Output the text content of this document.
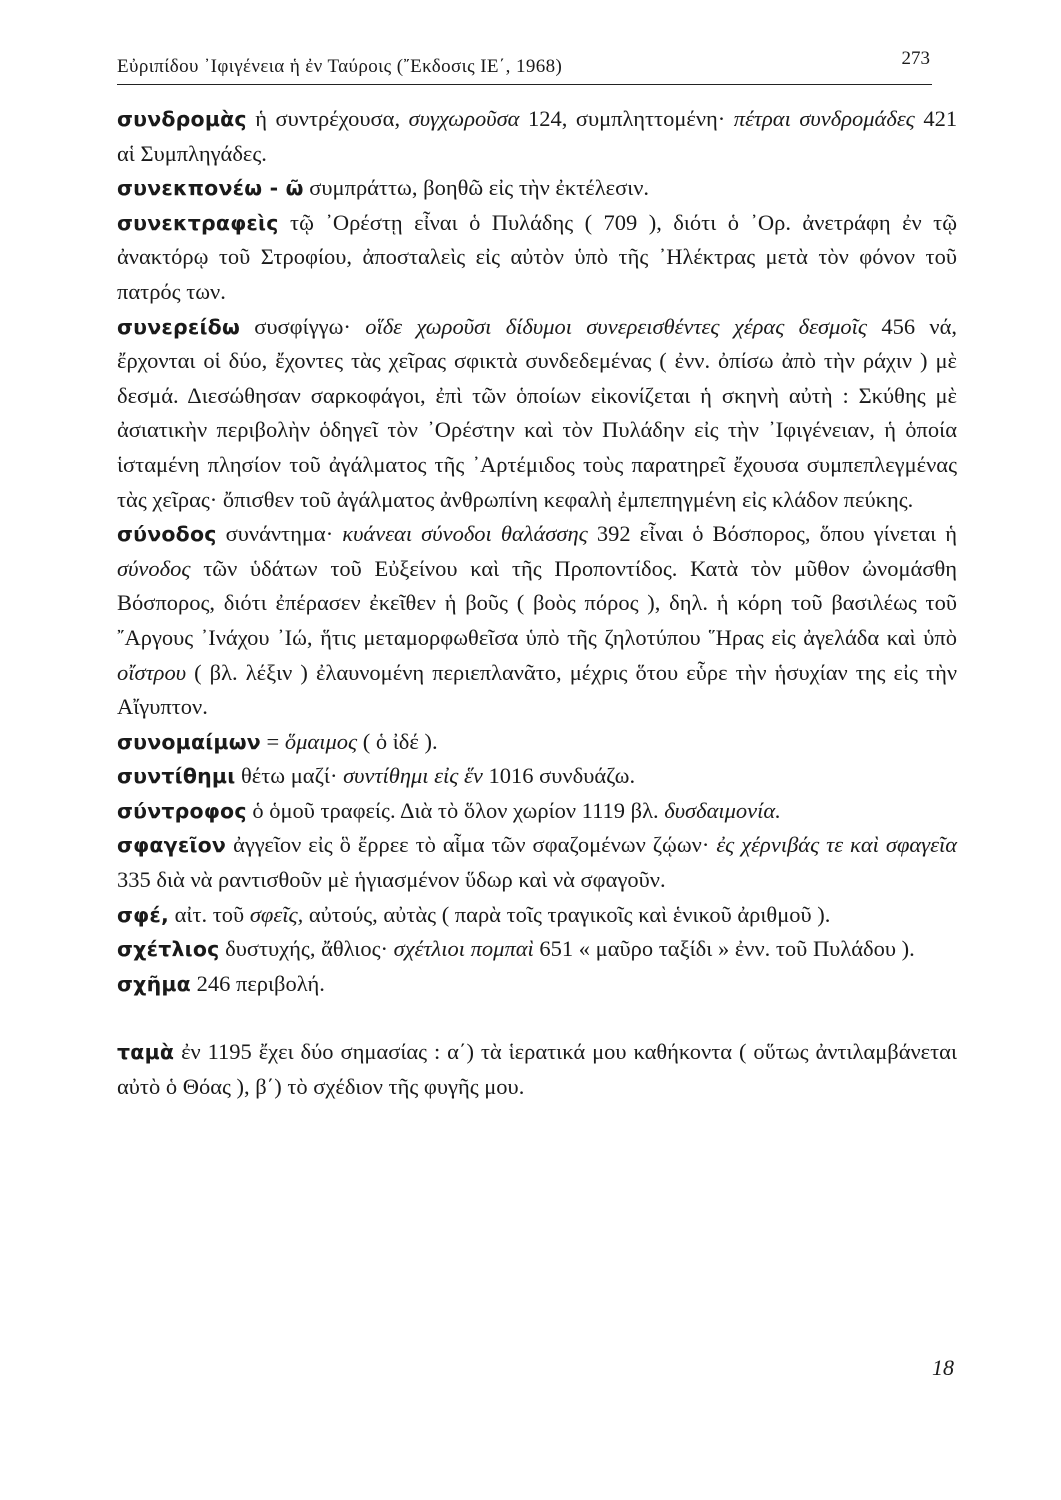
Εὐριπίδου ᾿Ιφιγένεια ἡ ἐν Ταύροις (῎Εκδοσις ΙΕ΄, 1968)	273

συνδρομὰς ἡ συντρέχουσα, συγχωροῦσα 124, συμπληττομένη· πέτραι συνδρομάδες 421 αἱ Συμπληγάδες.

συνεκπονέω - ῶ συμπράττω, βοηθῶ εἰς τὴν ἐκτέλεσιν.

συνεκτραφεὶς τῷ ᾿Ορέστῃ εἶναι ὁ Πυλάδης ( 709 ), διότι ὁ ᾿Ορ. ἀνετράφη ἐν τῷ ἀνακτόρῳ τοῦ Στροφίου, ἀποσταλεὶς εἰς αὐτὸν ὑπὸ τῆς ᾿Ηλέκτρας μετὰ τὸν φόνον τοῦ πατρός των.

συνερείδω συσφίγγω· οἵδε χωροῦσι δίδυμοι συνερεισθέντες χέρας δεσμοῖς 456 νά, ἔρχονται οἱ δύο, ἔχοντες τὰς χεῖρας σφικτὰ συνδεδεμένας ( ἐνν. ὀπίσω ἀπὸ τὴν ράχιν ) μὲ δεσμά. Διεσώθησαν σαρκοφάγοι, ἐπὶ τῶν ὁποίων εἰκονίζεται ἡ σκηνὴ αὐτὴ : Σκύθης μὲ ἀσιατικὴν περιβολὴν ὁδηγεῖ τὸν ᾿Ορέστην καὶ τὸν Πυλάδην εἰς τὴν ᾿Ιφιγένειαν, ἡ ὁποία ἱσταμένη πλησίον τοῦ ἀγάλματος τῆς ᾿Αρτέμιδος τοὺς παρατηρεῖ ἔχουσα συμπεπλεγμένας τὰς χεῖρας· ὄπισθεν τοῦ ἀγάλματος ἀνθρωπίνη κεφαλὴ ἐμπεπηγμένη εἰς κλάδον πεύκης.

σύνοδος συνάντημα· κυάνεαι σύνοδοι θαλάσσης 392 εἶναι ὁ Βόσπορος, ὅπου γίνεται ἡ σύνοδος τῶν ὑδάτων τοῦ Εὐξείνου καὶ τῆς Προποντίδος. Κατὰ τὸν μῦθον ὠνομάσθη Βόσπορος, διότι ἐπέρασεν ἐκεῖθεν ἡ βοῦς ( βοὸς πόρος ), δηλ. ἡ κόρη τοῦ βασιλέως τοῦ ῎Αργους ᾿Ινάχου ᾿Ιώ, ἥτις μεταμορφωθεῖσα ὑπὸ τῆς ζηλοτύπου ῞Ηρας εἰς ἀγελάδα καὶ ὑπὸ οἴστρου ( βλ. λέξιν ) ἐλαυνομένη περιεπλανᾶτο, μέχρις ὅτου εὗρε τὴν ἡσυχίαν της εἰς τὴν Αἴγυπτον.

συνομαίμων = ὅμαιμος ( ὁ ἰδέ ).

συντίθημι θέτω μαζί· συντίθημι εἰς ἕν 1016 συνδυάζω.

σύντροφος ὁ ὁμοῦ τραφείς. Διὰ τὸ ὅλον χωρίον 1119 βλ. δυσδαιμονία.

σφαγεῖον ἀγγεῖον εἰς ὃ ἔρρεε τὸ αἷμα τῶν σφαζομένων ζῴων· ἐς χέρνιβάς τε καὶ σφαγεῖα 335 διὰ νὰ ραντισθοῦν μὲ ἡγιασμένον ὕδωρ καὶ νὰ σφαγοῦν.

σφέ, αἰτ. τοῦ σφεῖς, αὐτούς, αὐτὰς ( παρὰ τοῖς τραγικοῖς καὶ ἑνικοῦ ἀριθμοῦ ).

σχέτλιος δυστυχής, ἄθλιος· σχέτλιοι πομπαὶ 651 « μαῦρο ταξίδι » ἐνν. τοῦ Πυλάδου ).

σχῆμα 246 περιβολή.

ταμὰ ἐν 1195 ἔχει δύο σημασίας : α΄) τὰ ἱερατικά μου καθήκοντα ( οὕτως ἀντιλαμβάνεται αὐτὸ ὁ Θόας ), β΄) τὸ σχέδιον τῆς φυγῆς μου.

18
